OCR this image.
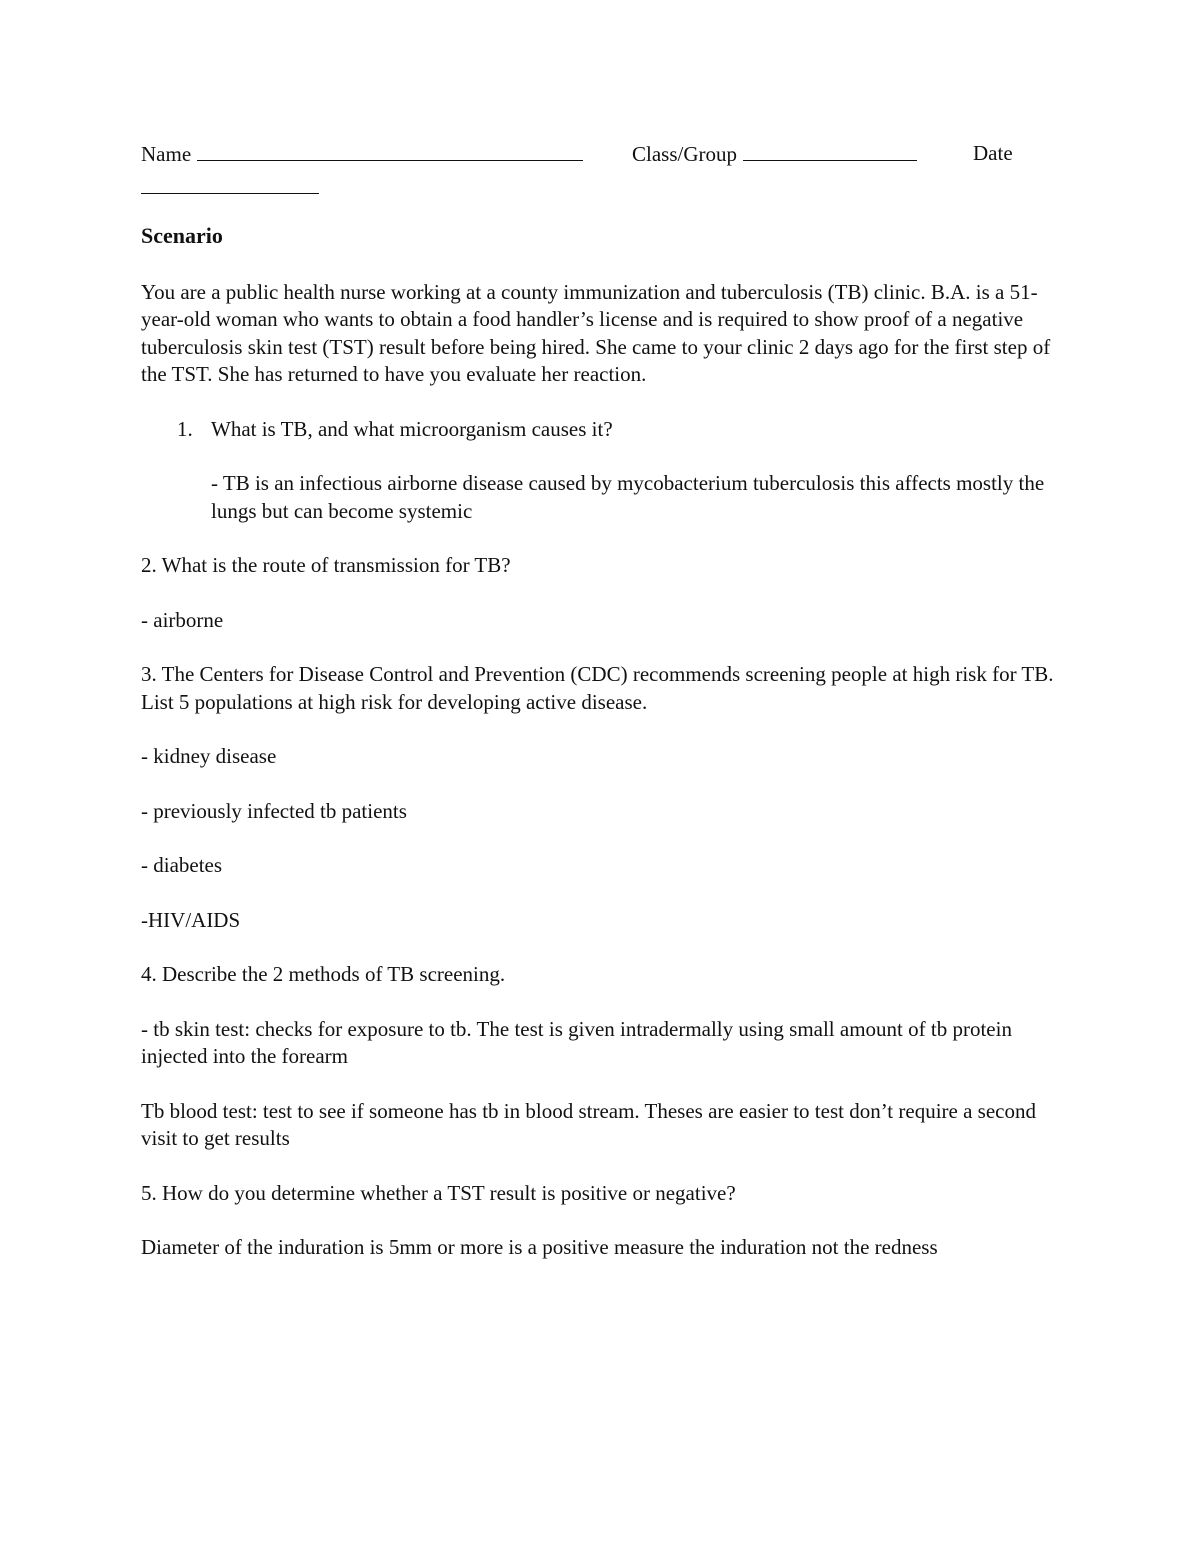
Name	Class/Group	Date

Scenario

You are a public health nurse working at a county immunization and tuberculosis (TB) clinic. B.A. is a 51-year-old woman who wants to obtain a food handler’s license and is required to show proof of a negative tuberculosis skin test (TST) result before being hired. She came to your clinic 2 days ago for the first step of the TST. She has returned to have you evaluate her reaction.

1. What is TB, and what microorganism causes it?

- TB is an infectious airborne disease caused by mycobacterium tuberculosis this affects mostly the lungs but can become systemic

2. What is the route of transmission for TB?

- airborne

3. The Centers for Disease Control and Prevention (CDC) recommends screening people at high risk for TB. List 5 populations at high risk for developing active disease.

- kidney disease

- previously infected tb patients

- diabetes

-HIV/AIDS

4. Describe the 2 methods of TB screening.

- tb skin test: checks for exposure to tb. The test is given intradermally using small amount of tb protein injected into the forearm

Tb blood test: test to see if someone has tb in blood stream. Theses are easier to test don’t require a second visit to get results

5. How do you determine whether a TST result is positive or negative?

Diameter of the induration is 5mm or more is a positive measure the induration not the redness
